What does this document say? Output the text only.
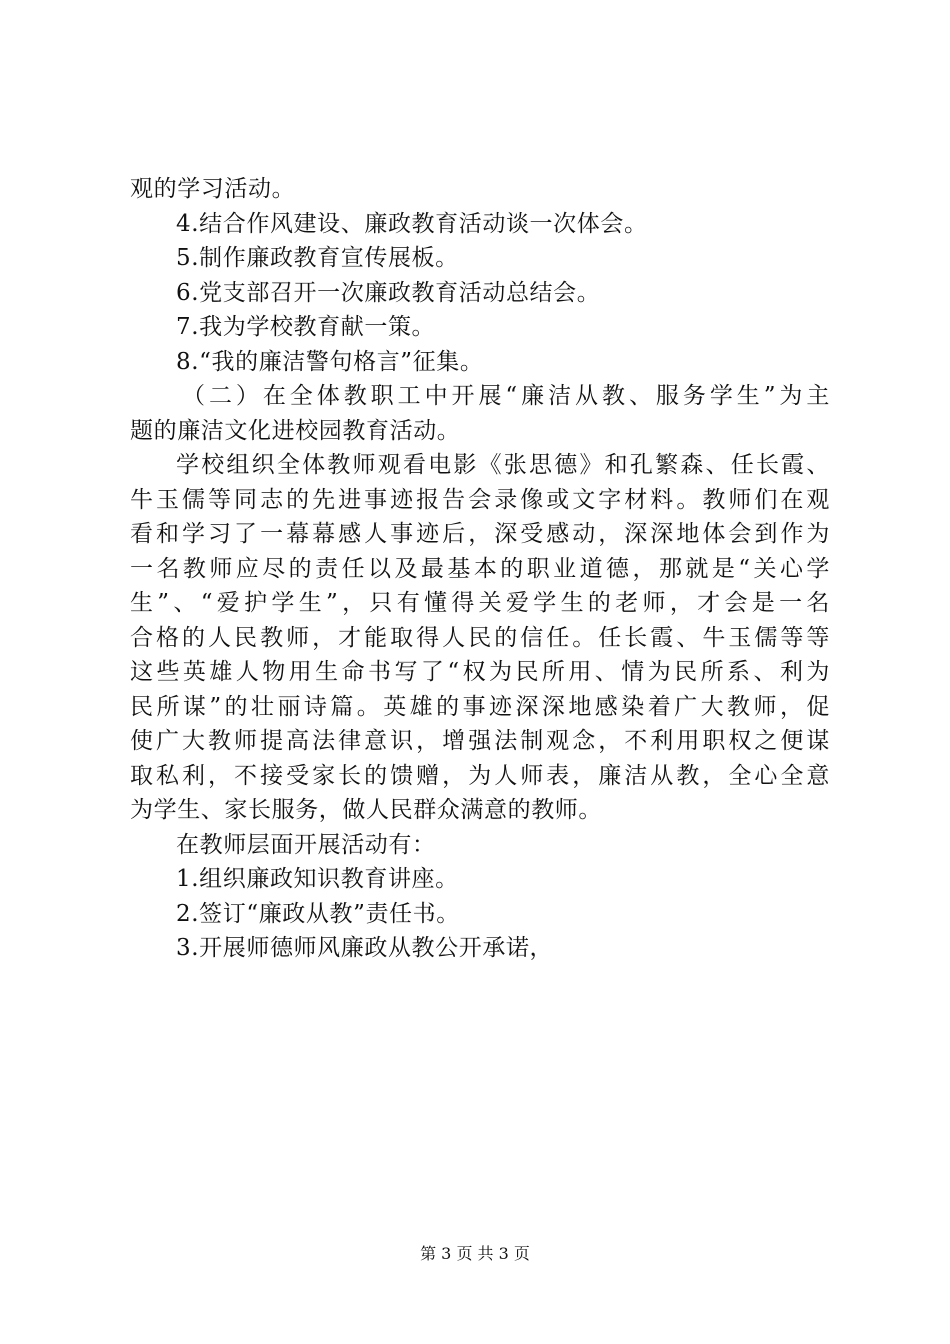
观的学习活动。
4.结合作风建设、廉政教育活动谈一次体会。
5.制作廉政教育宣传展板。
6.党支部召开一次廉政教育活动总结会。
7.我为学校教育献一策。
8.“我的廉洁警句格言”征集。
（二）在全体教职工中开展“廉洁从教、服务学生”为主
题的廉洁文化进校园教育活动。
学校组织全体教师观看电影《张思德》和孔繁森、任长霞、
牛玉儒等同志的先进事迹报告会录像或文字材料。教师们在观
看和学习了一幕幕感人事迹后，深受感动，深深地体会到作为
一名教师应尽的责任以及最基本的职业道德，那就是“关心学
生”、“爱护学生”，只有懂得关爱学生的老师，才会是一名
合格的人民教师，才能取得人民的信任。任长霞、牛玉儒等等
这些英雄人物用生命书写了“权为民所用、情为民所系、利为
民所谋”的壮丽诗篇。英雄的事迹深深地感染着广大教师，促
使广大教师提高法律意识，增强法制观念，不利用职权之便谋
取私利，不接受家长的馈赠，为人师表，廉洁从教，全心全意
为学生、家长服务，做人民群众满意的教师。
在教师层面开展活动有：
1.组织廉政知识教育讲座。
2.签订“廉政从教”责任书。
3.开展师德师风廉政从教公开承诺，
第 3 页 共 3 页
